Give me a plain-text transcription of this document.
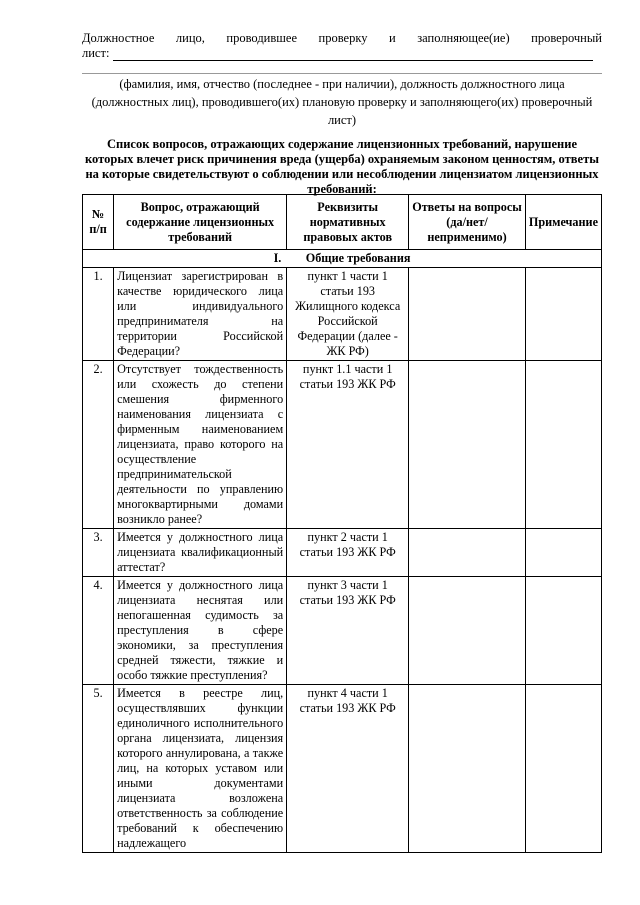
Должностное лицо, проводившее проверку и заполняющее(ие) проверочный
лист:
(фамилия, имя, отчество (последнее - при наличии), должность должностного лица (должностных лиц), проводившего(их) плановую проверку и заполняющего(их) проверочный лист)
Список вопросов, отражающих содержание лицензионных требований, нарушение которых влечет риск причинения вреда (ущерба) охраняемым законом ценностям, ответы на которые свидетельствуют о соблюдении или несоблюдении лицензиатом лицензионных требований:
№ п/п	Вопрос, отражающий содержание лицензионных требований	Реквизиты нормативных правовых актов	Ответы на вопросы (да/нет/неприменимо)	Примечание
I. Общие требования				
1.	Лицензиат зарегистрирован в качестве юридического лица или индивидуального предпринимателя на территории Российской Федерации?	пункт 1 части 1 статьи 193 Жилищного кодекса Российской Федерации (далее - ЖК РФ)		
2.	Отсутствует тождественность или схожесть до степени смешения фирменного наименования лицензиата с фирменным наименованием лицензиата, право которого на осуществление предпринимательской деятельности по управлению многоквартирными домами возникло ранее?	пункт 1.1 части 1 статьи 193 ЖК РФ		
3.	Имеется у должностного лица лицензиата квалификационный аттестат?	пункт 2 части 1 статьи 193 ЖК РФ		
4.	Имеется у должностного лица лицензиата неснятая или непогашенная судимость за преступления в сфере экономики, за преступления средней тяжести, тяжкие и особо тяжкие преступления?	пункт 3 части 1 статьи 193 ЖК РФ		
5.	Имеется в реестре лиц, осуществлявших функции единоличного исполнительного органа лицензиата, лицензия которого аннулирована, а также лиц, на которых уставом или иными документами лицензиата возложена ответственность за соблюдение требований к обеспечению надлежащего	пункт 4 части 1 статьи 193 ЖК РФ		
